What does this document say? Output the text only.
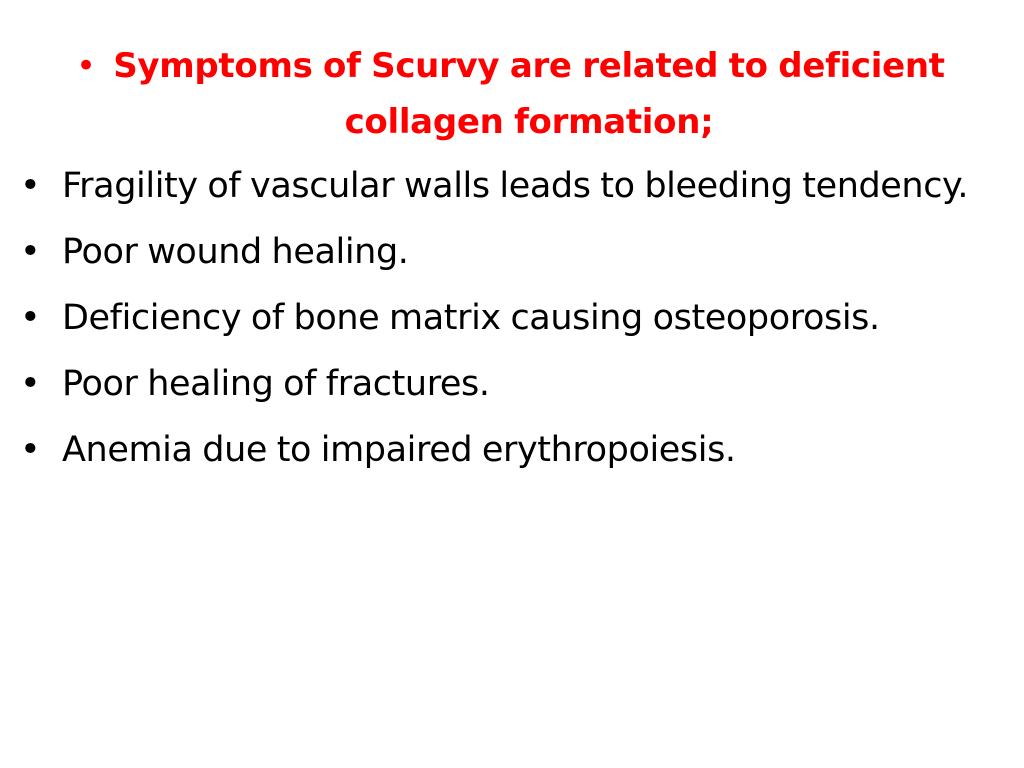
• Symptoms of Scurvy are related to deficient collagen formation;
• Fragility of vascular walls leads to bleeding tendency.
• Poor wound healing.
• Deficiency of bone matrix causing osteoporosis.
• Poor healing of fractures.
• Anemia due to impaired erythropoiesis.
